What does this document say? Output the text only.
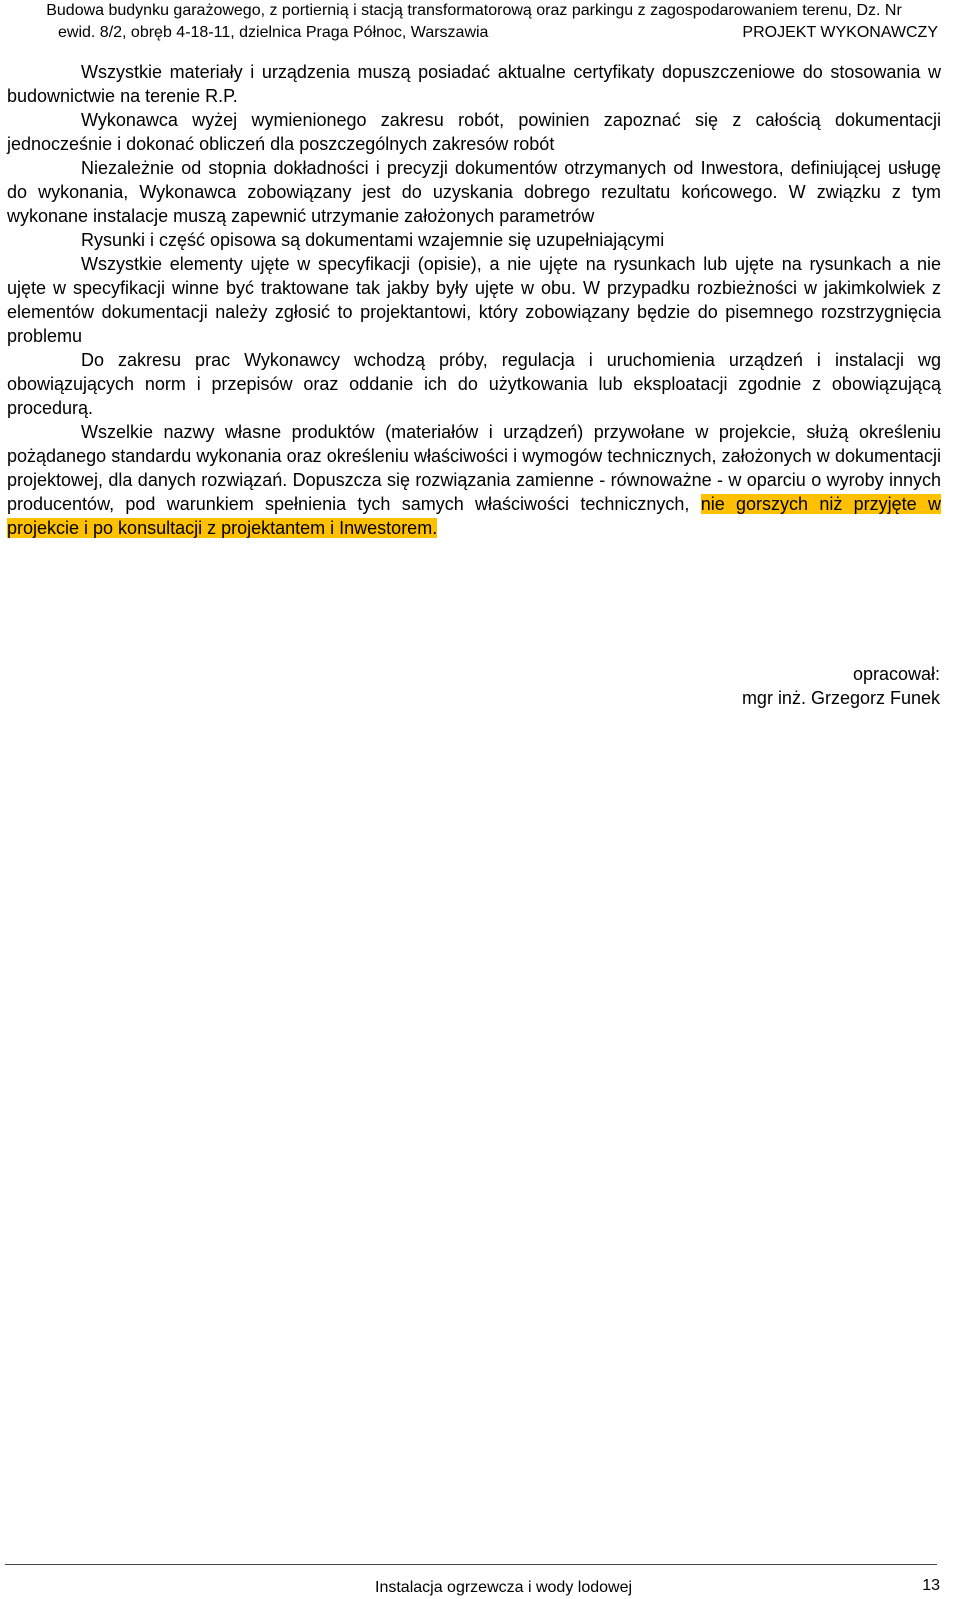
Budowa budynku garażowego, z portiernią i stacją transformatorową oraz parkingu z zagospodarowaniem terenu, Dz. Nr
ewid. 8/2, obręb 4-18-11, dzielnica Praga Północ, Warszawia	PROJEKT WYKONAWCZY

Wszystkie materiały i urządzenia muszą posiadać aktualne certyfikaty dopuszczeniowe do stosowania w budownictwie na terenie R.P.

Wykonawca wyżej wymienionego zakresu robót, powinien zapoznać się z całością dokumentacji jednocześnie i dokonać obliczeń dla poszczególnych zakresów robót

Niezależnie od stopnia dokładności i precyzji dokumentów otrzymanych od Inwestora, definiującej usługę do wykonania, Wykonawca zobowiązany jest do uzyskania dobrego rezultatu końcowego. W związku z tym wykonane instalacje muszą zapewnić utrzymanie założonych parametrów

Rysunki i część opisowa są dokumentami wzajemnie się uzupełniającymi

Wszystkie elementy ujęte w specyfikacji (opisie), a nie ujęte na rysunkach lub ujęte na rysunkach a nie ujęte w specyfikacji winne być traktowane tak jakby były ujęte w obu. W przypadku rozbieżności w jakimkolwiek z elementów dokumentacji należy zgłosić to projektantowi, który zobowiązany będzie do pisemnego rozstrzygnięcia problemu

Do zakresu prac Wykonawcy wchodzą próby, regulacja i uruchomienia urządzeń i instalacji wg obowiązujących norm i przepisów oraz oddanie ich do użytkowania lub eksploatacji zgodnie z obowiązującą procedurą.

Wszelkie nazwy własne produktów (materiałów i urządzeń) przywołane w projekcie, służą określeniu pożądanego standardu wykonania oraz określeniu właściwości i wymogów technicznych, założonych w dokumentacji projektowej, dla danych rozwiązań. Dopuszcza się rozwiązania zamienne - równoważne - w oparciu o wyroby innych producentów, pod warunkiem spełnienia tych samych właściwości technicznych, nie gorszych niż przyjęte w projekcie i po konsultacji z projektantem i Inwestorem.

opracował:
mgr inż. Grzegorz Funek
Instalacja ogrzewcza i wody lodowej	13
